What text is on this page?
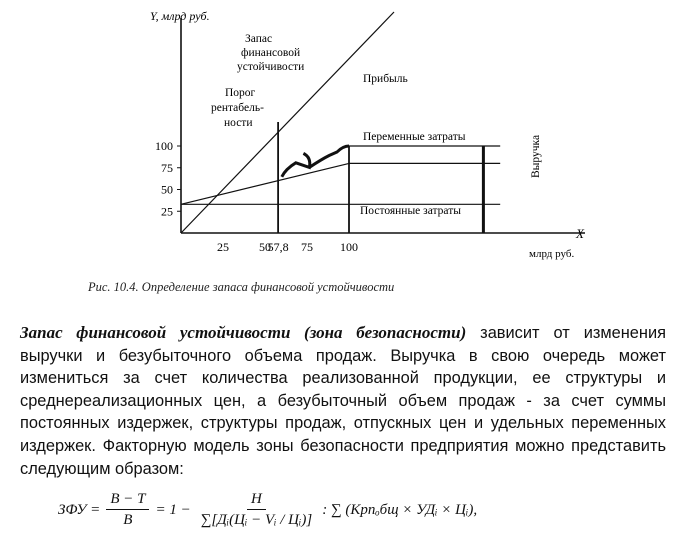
25
50
75
100
25	50
57,8 75 100
Y, млрд руб.
X
млрд руб.
Запас
финансовой
устойчивости
Порог
рентабель-
ности
Прибыль
Переменные затраты
Постоянные затраты
Выручка
Рис. 10.4. Определение запаса финансовой устойчивости

Запас финансовой устойчивости (зона безопасности) зависит от изменения выручки и безубыточного объема продаж. Выручка в свою очередь может измениться за счет количества реализованной продукции, ее структуры и среднереализационных цен, а безубыточный объем продаж - за счет суммы постоянных издержек, структуры продаж, отпускных цен и удельных переменных издержек. Факторную модель зоны безопасности предприятия можно представить следующим образом:

ЗФУ = $\frac{В - Т}{В} = 1 - \frac{Н}{\text{∑[Дᵢ(Цᵢ − Vᵢ / Цᵢ)]}}$ : ∑ (Крnₒбщ × УДᵢ × Цᵢ),
